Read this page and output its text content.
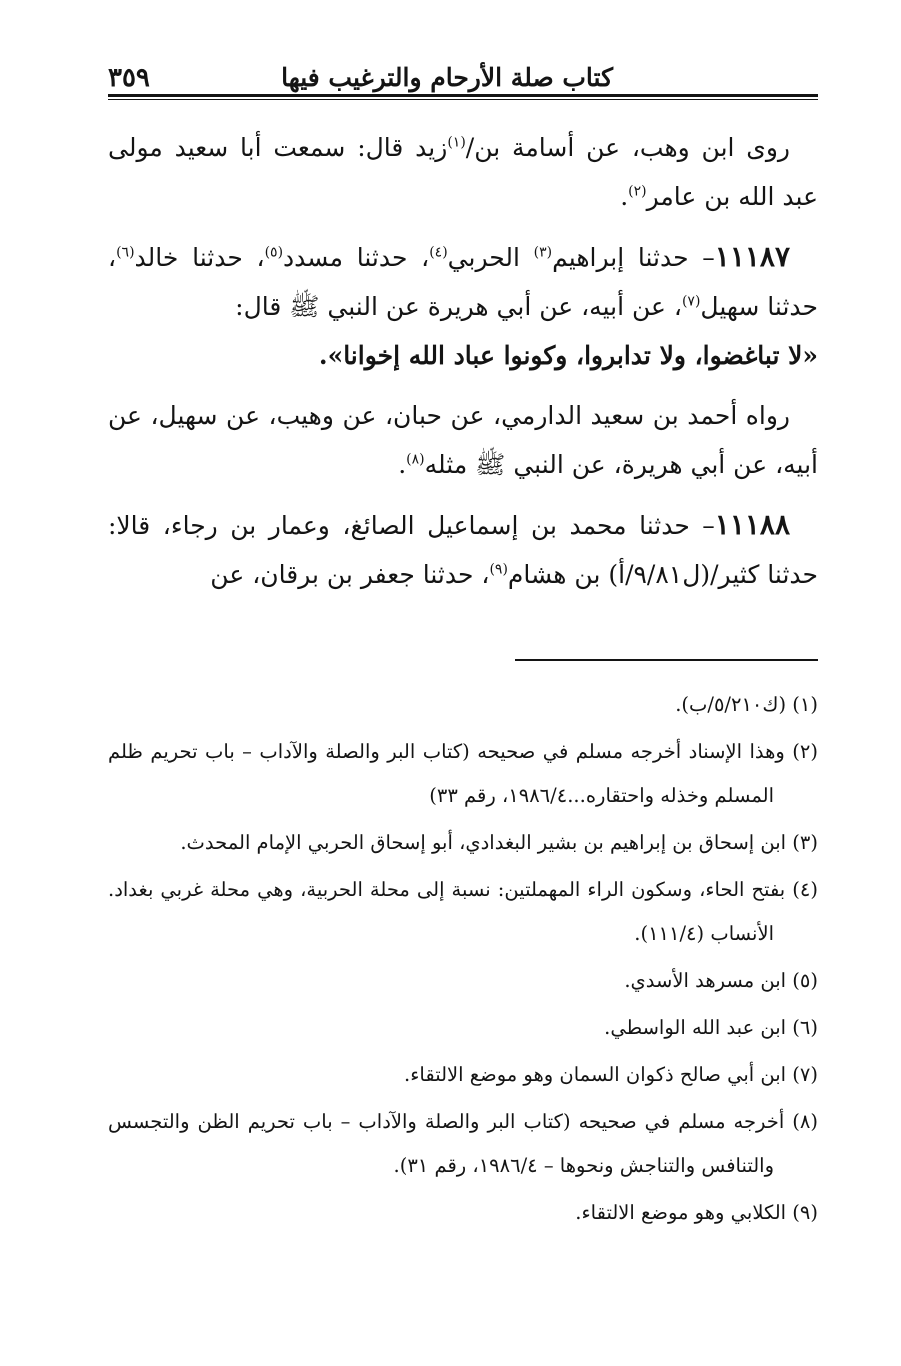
كتاب صلة الأرحام والترغيب فيها
٣٥٩

روى ابن وهب، عن أسامة بن/$^{(١)}$زيد قال: سمعت أبا سعيد مولى عبد الله بن عامر$^{(٢)}$.

١١١٨٧– حدثنا إبراهيم$^{(٣)}$ الحربي$^{(٤)}$، حدثنا مسدد$^{(٥)}$، حدثنا خالد$^{(٦)}$، حدثنا سهيل$^{(٧)}$، عن أبيه، عن أبي هريرة عن النبي ﷺ قال:
«لا تباغضوا، ولا تدابروا، وكونوا عباد الله إخوانا».

رواه أحمد بن سعيد الدارمي، عن حبان، عن وهيب، عن سهيل، عن أبيه، عن أبي هريرة، عن النبي ﷺ مثله$^{(٨)}$.

١١١٨٨– حدثنا محمد بن إسماعيل الصائغ، وعمار بن رجاء، قالا: حدثنا كثير/(ل٩/٨١/أ) بن هشام$^{(٩)}$، حدثنا جعفر بن برقان، عن

(١) (ك٥/٢١٠/ب).

(٢) وهذا الإسناد أخرجه مسلم في صحيحه (كتاب البر والصلة والآداب – باب تحريم ظلم المسلم وخذله واحتقاره...١٩٨٦/٤، رقم ٣٣)

(٣) ابن إسحاق بن إبراهيم بن بشير البغدادي، أبو إسحاق الحربي الإمام المحدث.

(٤) بفتح الحاء، وسكون الراء المهملتين: نسبة إلى محلة الحربية، وهي محلة غربي بغداد. الأنساب (١١١/٤).

(٥) ابن مسرهد الأسدي.

(٦) ابن عبد الله الواسطي.

(٧) ابن أبي صالح ذكوان السمان وهو موضع الالتقاء.

(٨) أخرجه مسلم في صحيحه (كتاب البر والصلة والآداب – باب تحريم الظن والتجسس والتنافس والتناجش ونحوها – ١٩٨٦/٤، رقم ٣١).

(٩) الكلابي وهو موضع الالتقاء.
